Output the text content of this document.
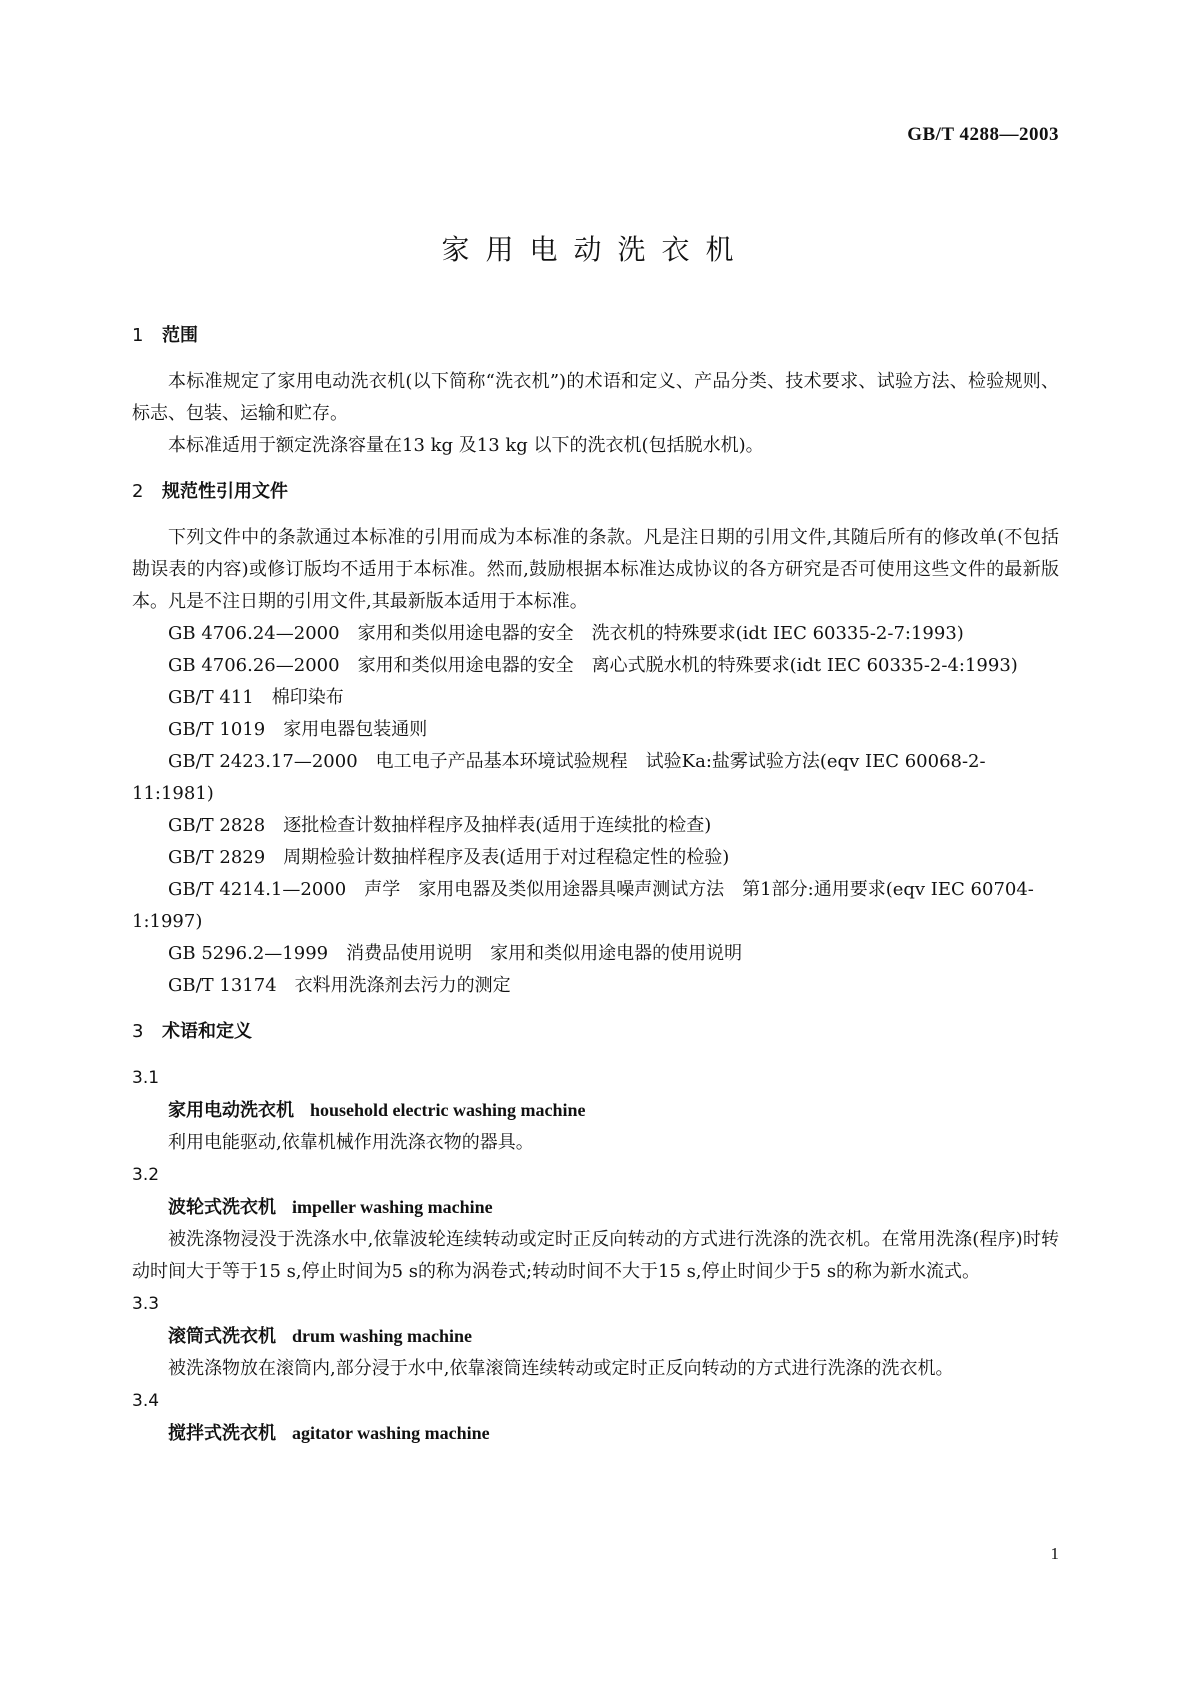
GB/T 4288—2003
家用电动洗衣机
1 范围

本标准规定了家用电动洗衣机(以下简称“洗衣机”)的术语和定义、产品分类、技术要求、试验方法、检验规则、标志、包装、运输和贮存。

本标准适用于额定洗涤容量在13 kg 及13 kg 以下的洗衣机(包括脱水机)。

2 规范性引用文件

下列文件中的条款通过本标准的引用而成为本标准的条款。凡是注日期的引用文件,其随后所有的修改单(不包括勘误表的内容)或修订版均不适用于本标准。然而,鼓励根据本标准达成协议的各方研究是否可使用这些文件的最新版本。凡是不注日期的引用文件,其最新版本适用于本标准。

GB 4706.24—2000　家用和类似用途电器的安全　洗衣机的特殊要求(idt IEC 60335-2-7:1993)

GB 4706.26—2000　家用和类似用途电器的安全　离心式脱水机的特殊要求(idt IEC 60335-2-4:1993)

GB/T 411　棉印染布

GB/T 1019　家用电器包装通则

GB/T 2423.17—2000　电工电子产品基本环境试验规程　试验Ka:盐雾试验方法(eqv IEC 60068-2-11:1981)

GB/T 2828　逐批检查计数抽样程序及抽样表(适用于连续批的检查)

GB/T 2829　周期检验计数抽样程序及表(适用于对过程稳定性的检验)

GB/T 4214.1—2000　声学　家用电器及类似用途器具噪声测试方法　第1部分:通用要求(eqv IEC 60704-1:1997)

GB 5296.2—1999　消费品使用说明　家用和类似用途电器的使用说明

GB/T 13174　衣料用洗涤剂去污力的测定

3 术语和定义

3.1

家用电动洗衣机 household electric washing machine

利用电能驱动,依靠机械作用洗涤衣物的器具。

3.2

波轮式洗衣机 impeller washing machine

被洗涤物浸没于洗涤水中,依靠波轮连续转动或定时正反向转动的方式进行洗涤的洗衣机。在常用洗涤(程序)时转动时间大于等于15 s,停止时间为5 s的称为涡卷式;转动时间不大于15 s,停止时间少于5 s的称为新水流式。

3.3

滚筒式洗衣机 drum washing machine

被洗涤物放在滚筒内,部分浸于水中,依靠滚筒连续转动或定时正反向转动的方式进行洗涤的洗衣机。

3.4

搅拌式洗衣机 agitator washing machine

1
